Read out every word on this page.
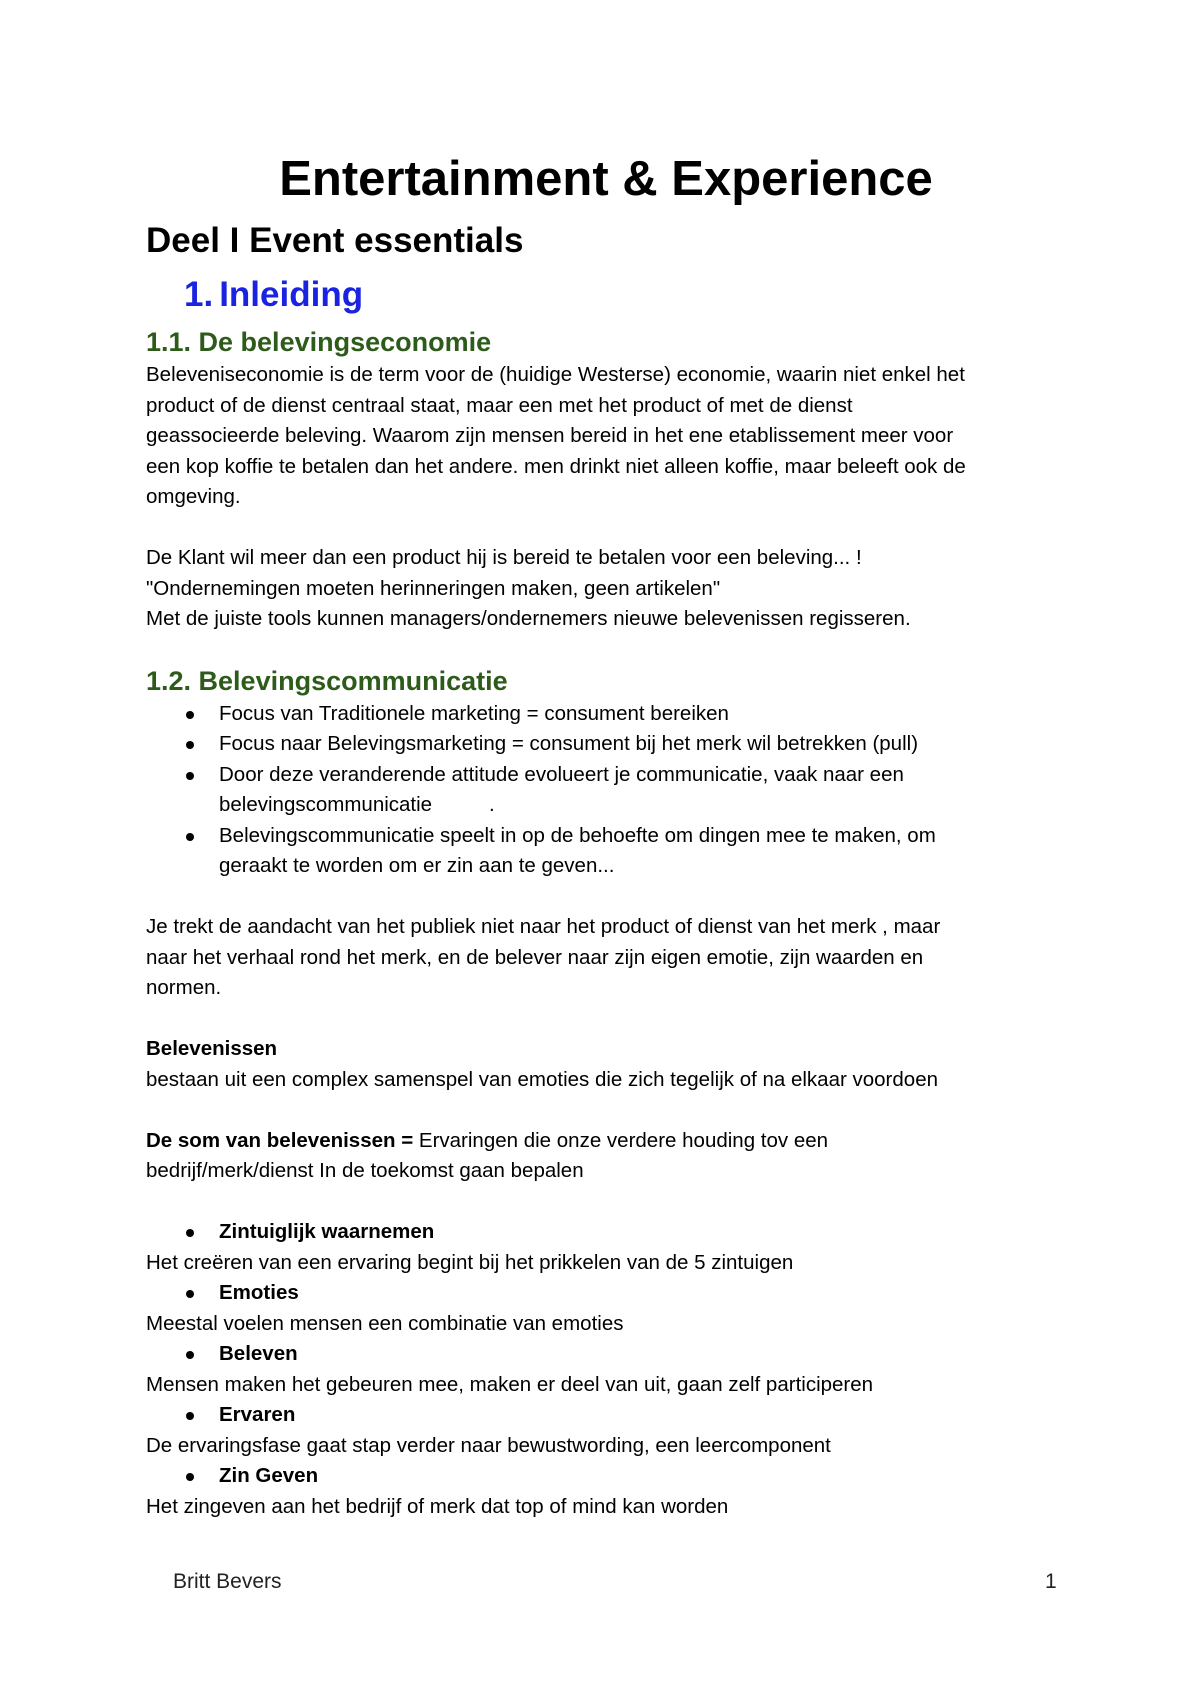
Entertainment & Experience
Deel I Event essentials
1. Inleiding
1.1. De belevingseconomie

Beleveniseconomie is de term voor de (huidige Westerse) economie, waarin niet enkel het

product of de dienst centraal staat, maar een met het product of met de dienst

geassocieerde beleving. Waarom zijn mensen bereid in het ene etablissement meer voor

een kop koffie te betalen dan het andere. men drinkt niet alleen koffie, maar beleeft ook de

omgeving.

De Klant wil meer dan een product hij is bereid te betalen voor een beleving... !

"Ondernemingen moeten herinneringen maken, geen artikelen"

Met de juiste tools kunnen managers/ondernemers nieuwe belevenissen regisseren.

1.2. Belevingscommunicatie
Focus van Traditionele marketing = consument bereiken
Focus naar Belevingsmarketing = consument bij het merk wil betrekken (pull)
Door deze veranderende attitude evolueert je communicatie, vaak naar een
belevingscommunicatie          .
Belevingscommunicatie speelt in op de behoefte om dingen mee te maken, om
geraakt te worden om er zin aan te geven...

Je trekt de aandacht van het publiek niet naar het product of dienst van het merk , maar

naar het verhaal rond het merk, en de belever naar zijn eigen emotie, zijn waarden en

normen.

Belevenissen

bestaan uit een complex samenspel van emoties die zich tegelijk of na elkaar voordoen

De som van belevenissen = Ervaringen die onze verdere houding tov een

bedrijf/merk/dienst In de toekomst gaan bepalen

Zintuiglijk waarnemen

Het creëren van een ervaring begint bij het prikkelen van de 5 zintuigen

Emoties

Meestal voelen mensen een combinatie van emoties

Beleven

Mensen maken het gebeuren mee, maken er deel van uit, gaan zelf participeren

Ervaren

De ervaringsfase gaat stap verder naar bewustwording, een leercomponent

Zin Geven

Het zingeven aan het bedrijf of merk dat top of mind kan worden

Britt Bevers	1
